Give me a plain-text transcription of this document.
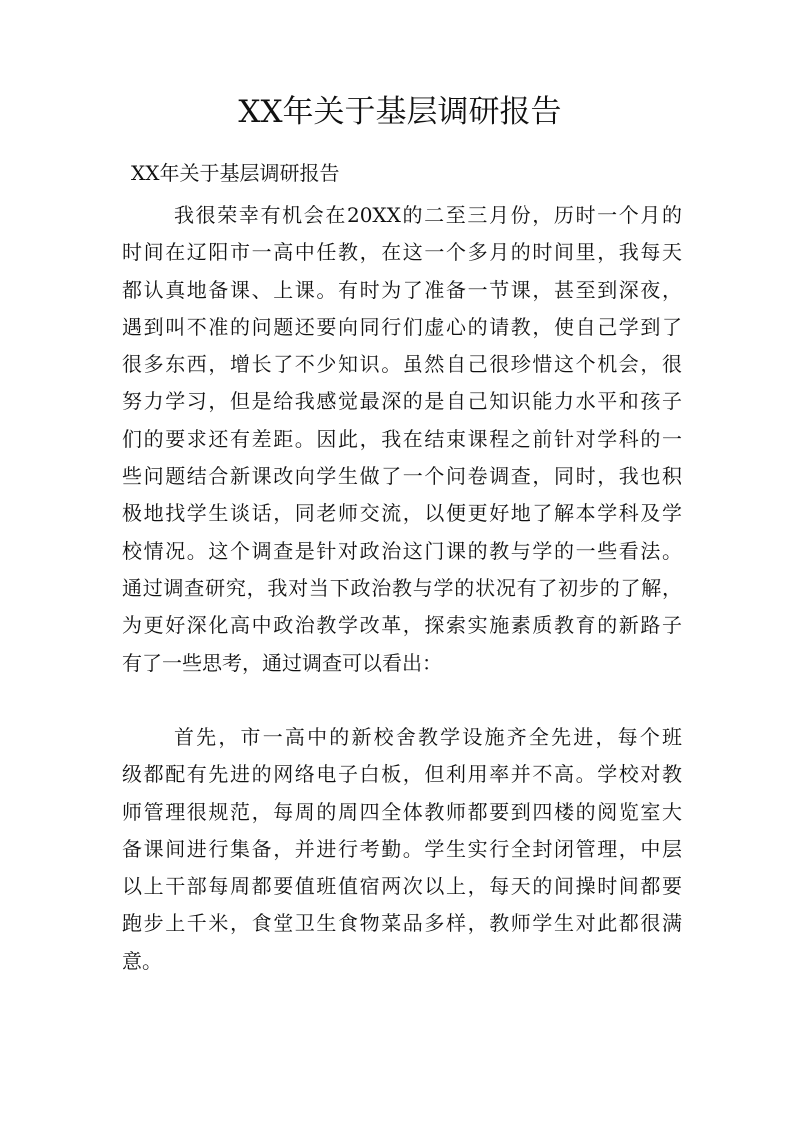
XX年关于基层调研报告

XX年关于基层调研报告

我很荣幸有机会在20XX的二至三月份，历时一个月的
时间在辽阳市一高中任教，在这一个多月的时间里，我每天
都认真地备课、上课。有时为了准备一节课，甚至到深夜，
遇到叫不准的问题还要向同行们虚心的请教，使自己学到了
很多东西，增长了不少知识。虽然自己很珍惜这个机会，很
努力学习，但是给我感觉最深的是自己知识能力水平和孩子
们的要求还有差距。因此，我在结束课程之前针对学科的一
些问题结合新课改向学生做了一个问卷调查，同时，我也积
极地找学生谈话，同老师交流，以便更好地了解本学科及学
校情况。这个调查是针对政治这门课的教与学的一些看法。
通过调查研究，我对当下政治教与学的状况有了初步的了解，
为更好深化高中政治教学改革，探索实施素质教育的新路子
有了一些思考，通过调查可以看出：
首先，市一高中的新校舍教学设施齐全先进，每个班
级都配有先进的网络电子白板，但利用率并不高。学校对教
师管理很规范，每周的周四全体教师都要到四楼的阅览室大
备课间进行集备，并进行考勤。学生实行全封闭管理，中层
以上干部每周都要值班值宿两次以上，每天的间操时间都要
跑步上千米，食堂卫生食物菜品多样，教师学生对此都很满
意。
